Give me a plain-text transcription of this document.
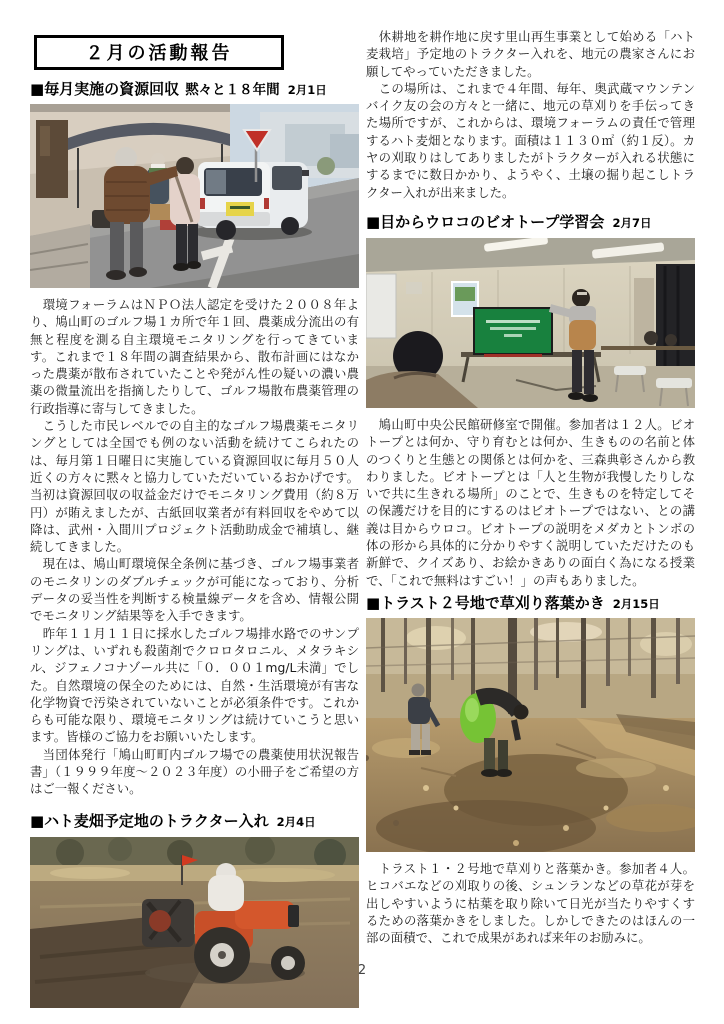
２月の活動報告
■毎月実施の資源回収 黙々と１８年間 2月1日

　環境フォーラムはＮＰＯ法人認定を受けた２００８年より、鳩山町のゴルフ場１カ所で年１回、農薬成分流出の有無と程度を測る自主環境モニタリングを行ってきています。これまで１８年間の調査結果から、散布計画にはなかった農薬が散布されていたことや発がん性の疑いの濃い農薬の微量流出を指摘したりして、ゴルフ場散布農薬管理の行政指導に寄与してきました。

　こうした市民レベルでの自主的なゴルフ場農薬モニタリングとしては全国でも例のない活動を続けてこられたのは、毎月第１日曜日に実施している資源回収に毎月５０人近くの方々に黙々と協力していただいているおかげです。当初は資源回収の収益金だけでモニタリング費用（約８万円）が賄えましたが、古紙回収業者が有料回収をやめて以降は、武州・入間川プロジェクト活動助成金で補填し、継続してきました。

　現在は、鳩山町環境保全条例に基づき、ゴルフ場事業者のモニタリンのダブルチェックが可能になっており、分析データの妥当性を判断する検量線データを含め、情報公開でモニタリング結果等を入手できます。

　昨年１１月１１日に採水したゴルフ場排水路でのサンプリングは、いずれも殺菌剤でクロロタロニル、メタラキシル、ジフェノコナゾール共に「０．００１mg/L未満」でした。自然環境の保全のためには、自然・生活環境が有害な化学物資で汚染されていないことが必須条件です。これからも可能な限り、環境モニタリングは続けていこうと思います。皆様のご協力をお願いいたします。

　当団体発行「鳩山町町内ゴルフ場での農薬使用状況報告書」（１９９９年度～２０２３年度）の小冊子をご希望の方はご一報ください。

■ハト麦畑予定地のトラクター入れ 2月4日

　休耕地を耕作地に戻す里山再生事業として始める「ハト麦栽培」予定地のトラクター入れを、地元の農家さんにお願してやっていただきました。

　この場所は、これまで４年間、毎年、奥武蔵マウンテンバイク友の会の方々と一緒に、地元の草刈りを手伝ってきた場所ですが、これからは、環境フォーラムの責任で管理するハト麦畑となります。面積は１１３０㎡（約１反）。カヤの刈取りはしてありましたがトラクターが入れる状態にするまでに数日かかり、ようやく、土壌の掘り起こしトラクター入れが出来ました。

■目からウロコのビオトープ学習会 2月7日

　鳩山町中央公民館研修室で開催。参加者は１２人。ビオトープとは何か、守り育むとは何か、生きものの名前と体のつくりと生態との関係とは何かを、三森典彰さんから教わりました。ビオトープとは「人と生物が我慢したりしないで共に生きれる場所」のことで、生きものを特定してその保護だけを目的にするのはビオトープではない、との講義は目からウロコ。ビオトープの説明をメダカとトンボの体の形から具体的に分かりやすく説明していただけたのも新鮮で、クイズあり、お絵かきありの面白く為になる授業で、「これで無料はすごい！」の声もありました。

■トラスト２号地で草刈り落葉かき 2月15日

　トラスト１・２号地で草刈りと落葉かき。参加者４人。ヒコバエなどの刈取りの後、シュンランなどの草花が芽を出しやすいように枯葉を取り除いて日光が当たりやすくするための落葉かきをしました。しかしできたのはほんの一部の面積で、これで成果があれば来年のお励みに。

2
